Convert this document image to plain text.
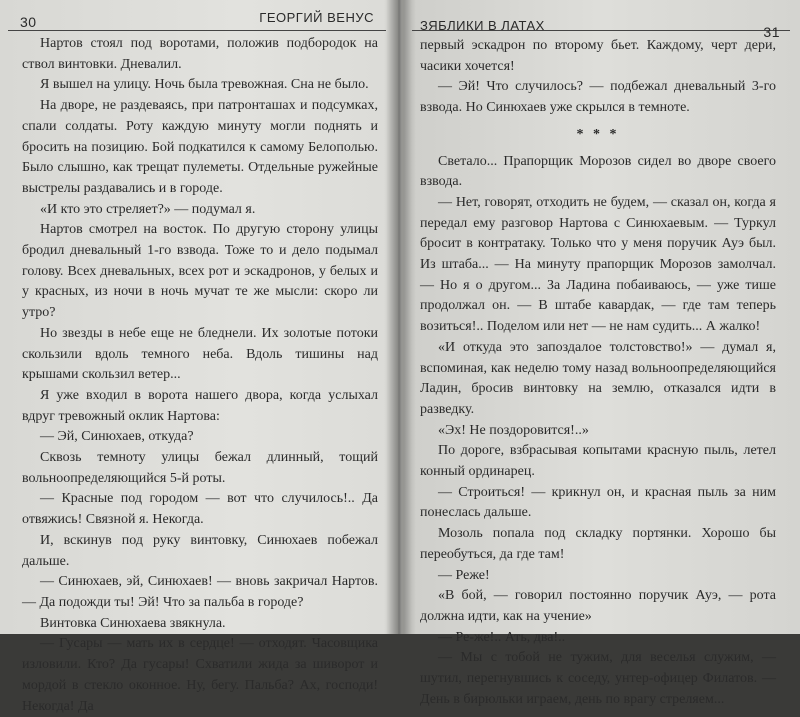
30	ГЕОРГИЙ ВЕНУС

Нартов стоял под воротами, положив подбородок на ствол винтовки. Дневалил.

Я вышел на улицу. Ночь была тревожная. Сна не было.

На дворе, не раздеваясь, при патронташах и подсумках, спали солдаты. Роту каждую минуту могли поднять и бросить на позицию. Бой подкатился к самому Белополью. Было слышно, как трещат пулеметы. Отдельные ружейные выстрелы раздавались и в городе.

«И кто это стреляет?» — подумал я.

Нартов смотрел на восток. По другую сторону улицы бродил дневальный 1-го взвода. Тоже то и дело подымал голову. Всех дневальных, всех рот и эскадронов, у белых и у красных, из ночи в ночь мучат те же мысли: скоро ли утро?

Но звезды в небе еще не бледнели. Их золотые потоки скользили вдоль темного неба. Вдоль тишины над крышами скользил ветер...

Я уже входил в ворота нашего двора, когда услыхал вдруг тревожный оклик Нартова:

— Эй, Синюхаев, откуда?

Сквозь темноту улицы бежал длинный, тощий вольноопределяющийся 5-й роты.

— Красные под городом — вот что случилось!.. Да отвяжись! Связной я. Некогда.

И, вскинув под руку винтовку, Синюхаев побежал дальше.

— Синюхаев, эй, Синюхаев! — вновь закричал Нартов. — Да подожди ты! Эй! Что за пальба в городе?

Винтовка Синюхаева звякнула.

— Гусары — мать их в сердце! — отходят. Часовщика изловили. Кто? Да гусары! Схватили жида за шиворот и мордой в стекло оконное. Ну, бегу. Пальба? Ах, господи! Некогда! Да

ЗЯБЛИКИ В ЛАТАХ	31

первый эскадрон по второму бьет. Каждому, черт дери, часики хочется!

— Эй! Что случилось? — подбежал дневальный 3-го взвода. Но Синюхаев уже скрылся в темноте.

* * *

Светало... Прапорщик Морозов сидел во дворе своего взвода.

— Нет, говорят, отходить не будем, — сказал он, когда я передал ему разговор Нартова с Синюхаевым. — Туркул бросит в контратаку. Только что у меня поручик Ауэ был. Из штаба... — На минуту прапорщик Морозов замолчал. — Но я о другом... За Ладина побаиваюсь, — уже тише продолжал он. — В штабе кавардак, — где там теперь возиться!.. Поделом или нет — не нам судить... А жалко!

«И откуда это запоздалое толстовство!» — думал я, вспоминая, как неделю тому назад вольноопределяющийся Ладин, бросив винтовку на землю, отказался идти в разведку.

«Эх! Не поздоровится!..»

По дороге, взбрасывая копытами красную пыль, летел конный ординарец.

— Строиться! — крикнул он, и красная пыль за ним понеслась дальше.

Мозоль попала под складку портянки. Хорошо бы переобуться, да где там!

— Реже!

«В бой, — говорил постоянно поручик Ауэ, — рота должна идти, как на учение»

— Ре-же!.. Ать, два!..

— Мы с тобой не тужим, для веселья служим, — шутил, перегнувшись к соседу, унтер-офицер Филатов. — День в бирюльки играем, день по врагу стреляем...
